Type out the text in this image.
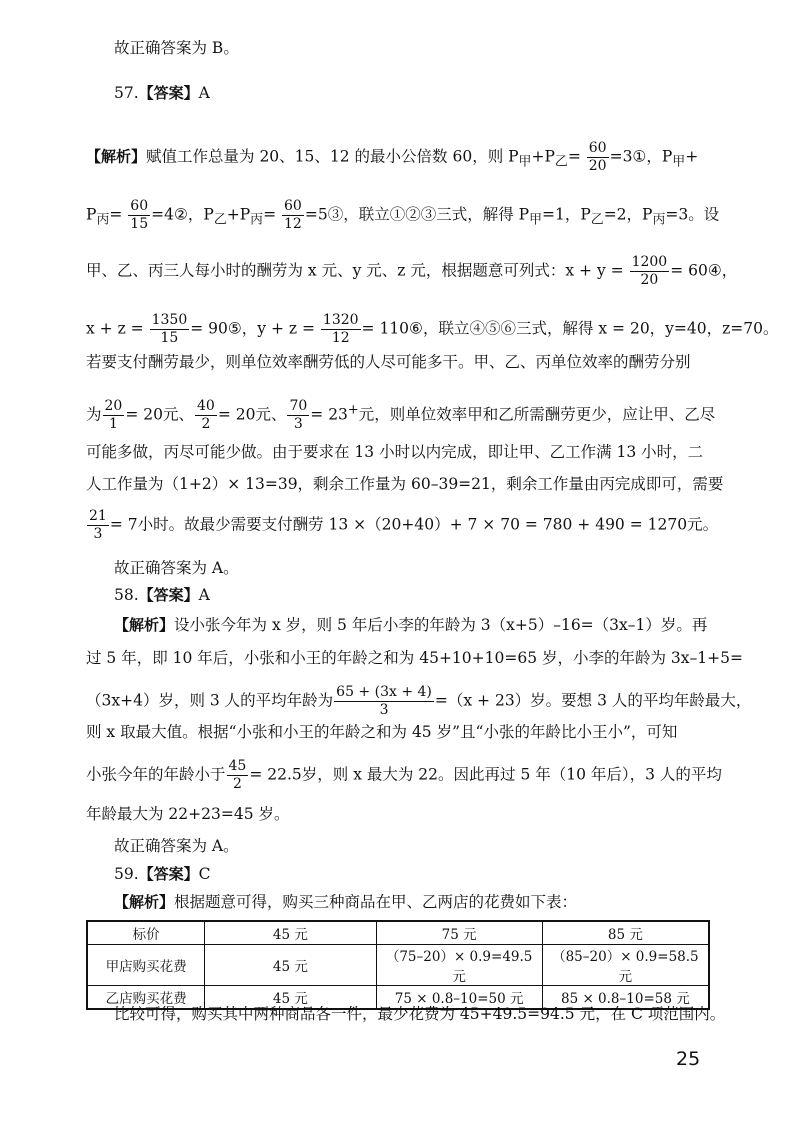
故正确答案为 B。
57.【答案】A
【解析】赋值工作总量为 20、15、12 的最小公倍数 60，则 $P_甲+P_乙= \frac{60}{20}$ =3①，$P_甲+$
$P_丙= \frac{60}{15}$ =4②，$P_乙+P_丙= \frac{60}{12}$ =5③，联立①②③三式，解得 $P_甲=1$，$P_乙=2$，$P_丙=3$。设
甲、乙、丙三人每小时的酬劳为 x 元、y 元、z 元，根据题意可列式：$x + y = \frac{1200}{20}$ = 60④，
$x + z = \frac{1350}{15}$ = 90⑤，$y + z = \frac{1320}{12}$ = 110⑥，联立④⑤⑥三式，解得 x = 20，y=40，z=70。
若要支付酬劳最少，则单位效率酬劳低的人尽可能多干。甲、乙、丙单位效率的酬劳分别
为 $\frac{20}{1} = 20$元、 $\frac{40}{2} = 20$元、 $\frac{70}{3} = 23^+$元，则单位效率甲和乙所需酬劳更少，应让甲、乙尽
可能多做，丙尽可能少做。由于要求在 13 小时以内完成，即让甲、乙工作满 13 小时，二
人工作量为（1+2）× 13=39，剩余工作量为 60–39=21，剩余工作量由丙完成即可，需要
$\frac{21}{3} = 7$小时。故最少需要支付酬劳 13 ×（20+40）+ 7 × 70 = 780 + 490 = 1270元。
故正确答案为 A。
58.【答案】A
【解析】设小张今年为 x 岁，则 5 年后小李的年龄为 3（x+5）–16=（3x–1）岁。再
过 5 年，即 10 年后，小张和小王的年龄之和为 45+10+10=65 岁，小李的年龄为 3x–1+5=
（3x+4）岁，则 3 人的平均年龄为 $\frac{65 + (3x + 4)}{3} =(x + 23)$岁。要想 3 人的平均年龄最大，
则 x 取最大值。根据“小张和小王的年龄之和为 45 岁”且“小张的年龄比小王小”，可知
小张今年的年龄小于 $\frac{45}{2} = 22.5$岁，则 x 最大为 22。因此再过 5 年（10 年后），3 人的平均
年龄最大为 22+23=45 岁。
故正确答案为 A。
59.【答案】C
【解析】根据题意可得，购买三种商品在甲、乙两店的花费如下表：
标价	45 元	75 元	85 元
甲店购买花费	45 元	（75–20）× 0.9=49.5 元	（85–20）× 0.9=58.5 元
乙店购买花费	45 元	75 × 0.8–10=50 元	85 × 0.8–10=58 元
比较可得，购买其中两种商品各一件，最少花费为 45+49.5=94.5 元，在 C 项范围内。
25
